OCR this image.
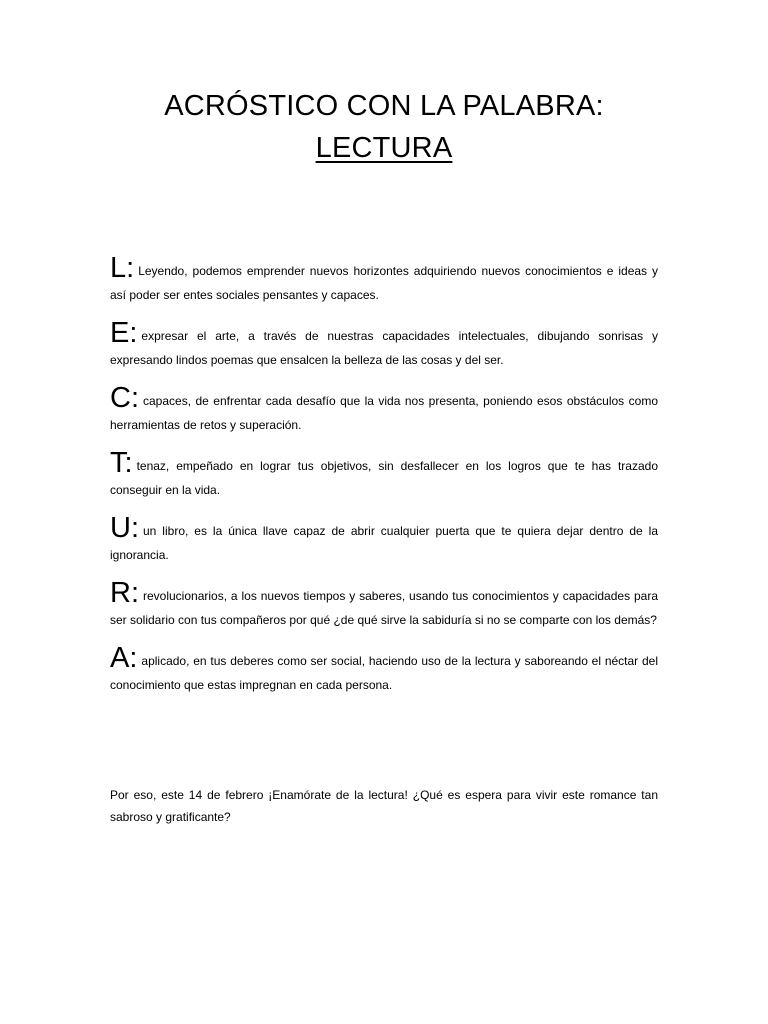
ACRÓSTICO CON LA PALABRA:
LECTURA

L: Leyendo, podemos emprender nuevos horizontes adquiriendo nuevos conocimientos e ideas y así poder ser entes sociales pensantes y capaces.

E: expresar el arte, a través de nuestras capacidades intelectuales, dibujando sonrisas y expresando lindos poemas que ensalcen la belleza de las cosas y del ser.

C: capaces, de enfrentar cada desafío que la vida nos presenta, poniendo esos obstáculos como herramientas de retos y superación.

T: tenaz, empeñado en lograr tus objetivos, sin desfallecer en los logros que te has trazado conseguir en la vida.

U: un libro, es la única llave capaz de abrir cualquier puerta que te quiera dejar dentro de la ignorancia.

R: revolucionarios, a los nuevos tiempos y saberes, usando tus conocimientos y capacidades para ser solidario con tus compañeros por qué ¿de qué sirve la sabiduría si no se comparte con los demás?

A: aplicado, en tus deberes como ser social, haciendo uso de la lectura y saboreando el néctar del conocimiento que estas impregnan en cada persona.

Por eso, este 14 de febrero ¡Enamórate de la lectura! ¿Qué es espera para vivir este romance tan sabroso y gratificante?
